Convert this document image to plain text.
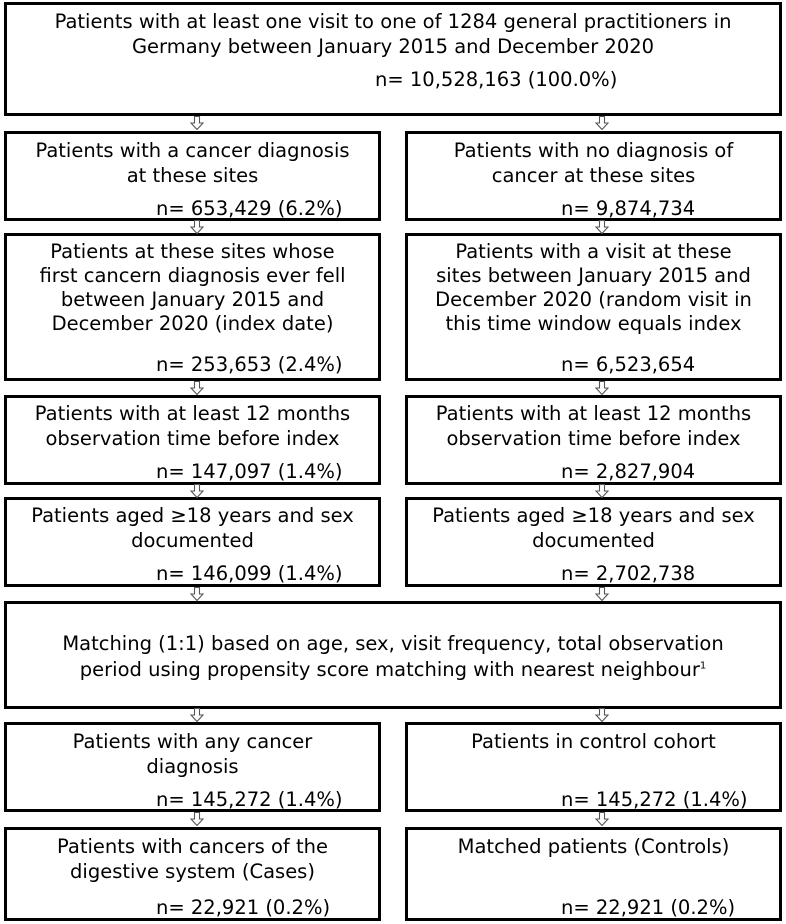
Patients with at least one visit to one of 1284 general practitioners in
Germany between January 2015 and December 2020
n= 10,528,163 (100.0%)
Patients with a cancer diagnosis
at these sites
n= 653,429 (6.2%)
Patients with no diagnosis of
cancer at these sites
n= 9,874,734
Patients at these sites whose
first cancern diagnosis ever fell
between January 2015 and
December 2020 (index date)
n= 253,653 (2.4%)
Patients with a visit at these
sites between January 2015 and
December 2020 (random visit in
this time window equals index
n= 6,523,654
Patients with at least 12 months
observation time before index
n= 147,097 (1.4%)
Patients with at least 12 months
observation time before index
n= 2,827,904
Patients aged ≥18 years and sex
documented
n= 146,099 (1.4%)
Patients aged ≥18 years and sex
documented
n= 2,702,738
Matching (1:1) based on age, sex, visit frequency, total observation
period using propensity score matching with nearest neighbour$^1$
Patients with any cancer
diagnosis
n= 145,272 (1.4%)
Patients in control cohort
n= 145,272 (1.4%)
Patients with cancers of the
digestive system (Cases)
n= 22,921 (0.2%)
Matched patients (Controls)
n= 22,921 (0.2%)
